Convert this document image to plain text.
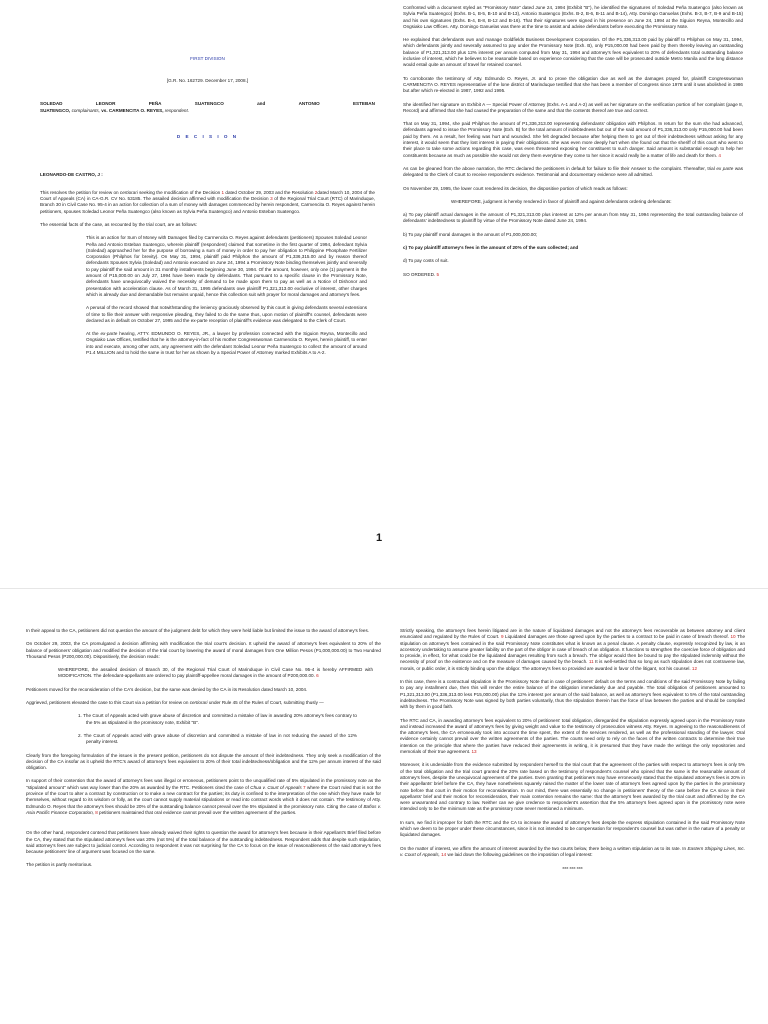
FIRST DIVISION

[G.R. No. 162729. December 17, 2008.]

SOLEDAD	LEONOR	PEÑA	SUATENGCO	and	ANTONIO	ESTEBAN

SUATENGCO, complainants, vs. CARMENCITA O. REYES, respondent.

D E C I S I O N

LEONARDO-DE CASTRO, J :

This resolves the petition for review on certiorari seeking the modification of the Decision 1 dated October 29, 2003 and the Resolution 2dated March 10, 2004 of the Court of Appeals (CA) in CA-G.R. CV No. 53185. The assailed decision affirmed with modification the Decision 3 of the Regional Trial Court (RTC) of Marinduque, Branch 30 in Civil Case No. 95-4 in an action for collection of a sum of money with damages commenced by herein respondent, Carmencita O. Reyes against herein petitioners, spouses Soledad Leonor Peña Suatengco (also known as Sylvia Peña Suatengco) and Antonio Esteban Suatengco.

The essential facts of the case, as recounted by the trial court, are as follows:

This is an action for Sum of Money with Damages filed by Carmencita O. Reyes against defendants (petitioners) Spouses Soledad Leonor Peña and Antonio Esteban Suatengco, wherein plaintiff (respondent) claimed that sometime in the first quarter of 1994, defendant Sylvia (Soledad) approached her for the purpose of borrowing a sum of money in order to pay her obligation to Philippine Phosphate Fertilizer Corporation (Philphos for brevity). On May 31, 1994, plaintiff paid Philphos the amount of P1,336,315.00 and by reason thereof defendants Spouses Sylvia (Soledad) and Antonio executed on June 24, 1994 a Promissory Note binding themselves jointly and severally to pay plaintiff the said amount in 31 monthly installments beginning June 30, 1994. Of the amount, however, only one (1) payment in the amount of P15,000.00 on July 27, 1994 have been made by defendants. That pursuant to a specific clause in the Promissory Note, defendants have unequivocally waived the necessity of demand to be made upon them to pay as well as a Notice of Dishonor and presentation with acceleration clause. As of March 31, 1995 defendants owe plaintiff P1,321,313.00 exclusive of interest, other charges which is already due and demandable but remains unpaid, hence this collection suit with prayer for moral damages and attorney's fees.

A perusal of the record showed that notwithstanding the leniency graciously observed by this court in giving defendants several extensions of time to file their answer with responsive pleading, they failed to do the same thus, upon motion of plaintiff's counsel, defendants were declared as in default on October 27, 1995 and the ex-parte reception of plaintiff's evidence was delegated to the Clerk of Court.

At the ex-parte hearing, ATTY. EDMUNDO O. REYES, JR., a lawyer by profession connected with the Siguion Reyna, Montecillo and Ongsiako Law Offices, testified that he is the attorney-in-fact of his mother Congresswoman Carmencita O. Reyes, herein plaintiff, to enter into and execute, among other acts, any agreement with the defendant Soledad Leonor Peña Suatengco to collect the amount of around P1.4 MILLION and to hold the same in trust for her as shown by a Special Power of Attorney marked Exhibits A to A-2.

Confronted with a document styled as "Promissory Note" dated June 24, 1994 (Exhibit "B"), he identified the signatures of Soledad Peña Suatengco (also known as Sylvia Peña Suatengco) (Exhs. B-1, B-5, B-10 and B-13), Antonio Suatengco (Exhs. B-2, B-6, B-11 and B-14), Atty. Domingo Ganuelas (Exhs. B-3, B-7, B-9 and B-15) and his own signatures (Exhs. B-4, B-8, B-12 and B-16). That their signatures were signed in his presence on June 24, 1994 at the Siguion Reyna, Montecillo and Ongsiako Law Offices. Atty. Domingo Ganuelas was there at the time to assist and advise defendants before executing the Promissory Note.

He explained that defendants own and manage Goldfields Business Development Corporation. Of the P1,336,313.00 paid by plaintiff to Philphos on May 31, 1994, which defendants jointly and severally assumed to pay under the Promissory Note (Exh. B), only P15,000.00 had been paid by them thereby leaving an outstanding balance of P1,321,313.00 plus 12% interest per annum computed from May 31, 1994 and attorney's fees equivalent to 20% of defendants total outstanding balance inclusive of interest, which he believes to be reasonable based on experience considering that the case will be prosecuted outside Metro Manila and the long distance would entail quite an amount of travel for retained counsel.

To corroborate the testimony of Atty. Edmundo O. Reyes, Jr. and to prove the obligation due as well as the damages prayed for, plaintiff Congresswoman CARMENCITA O. REYES representative of the lone district of Marinduque testified that she has been a member of Congress since 1978 until it was abolished in 1986 but after which re-elected in 1987, 1992 and 1995.

She identified her signature on Exhibit A — Special Power of Attorney (Exhs. A-1 and A-2) as well as her signature on the verification portion of her complaint (page 8, Record) and affirmed that she had caused the preparation of the same and that the contents thereof are true and correct.

That on May 31, 1994, she paid Philphos the amount of P1,336,313.00 representing defendants' obligation with Philphos. In return for the sum she had advanced, defendants agreed to issue the Promissory Note (Exh. B) for the total amount of indebtedness but out of the said amount of P1,336,313.00 only P15,000.00 had been paid by them. As a result, her feeling was hurt and wounded. She felt degraded because after helping them to get out of their indebtedness without asking for any interest, it would seem that they lost interest in paying their obligations. She was even more deeply hurt when she found out that the sheriff of this court who went to their place to take some actions regarding this case, was even threatened exposing her constituent to such danger. Said amount is substantial enough to help her constituents because as much as possible she would not deny them everytime they come to her since it would really be a matter of life and death for them. 4

As can be gleaned from the above narration, the RTC declared the petitioners in default for failure to file their Answer to the complaint. Thereafter, trial ex parte was delegated to the Clerk of Court to receive respondent's evidence. Testimonial and documentary evidence were all admitted.

On November 29, 1995, the lower court rendered its decision, the dispositive portion of which reads as follows:

WHEREFORE, judgment is hereby rendered in favor of plaintiff and against defendants ordering defendants:

a) To pay plaintiff actual damages in the amount of P1,321,313.00 plus interest at 12% per annum from May 31, 1994 representing the total outstanding balance of defendants' indebtedness to plaintiff by virtue of the Promissory Note dated June 24, 1994.

b) To pay plaintiff moral damages in the amount of P1,000,000.00;

c) To pay plaintiff attorney's fees in the amount of 20% of the sum collected; and

d) To pay costs of suit.

SO ORDERED. 5

1

In their appeal to the CA, petitioners did not question the amount of the judgment debt for which they were held liable but limited the issue to the award of attorney's fees.

On October 29, 2003, the CA promulgated a decision affirming with modification the trial court's decision. It upheld the award of attorney's fees equivalent to 20% of the balance of petitioners' obligation and modified the decision of the trial court by lowering the award of moral damages from One Million Pesos (P1,000,000.00) to Two Hundred Thousand Pesos (P200,000.00). Dispositively, the decision reads:

WHEREFORE, the assailed decision of Branch 30, of the Regional Trial Court of Marinduque in Civil Case No. 95-4 is hereby AFFIRMED with MODIFICATION. The defendant-appellants are ordered to pay plaintiff-appellee moral damages in the amount of P200,000.00. 6

Petitioners moved for the reconsideration of the CA's decision, but the same was denied by the CA in its Resolution dated March 10, 2004.

Aggrieved, petitioners elevated the case to this Court via a petition for review on certiorari under Rule 45 of the Rules of Court, submitting thusly —

1. The Court of Appeals acted with grave abuse of discretion and committed a mistake of law in awarding 20% attorney's fees contrary to the 5% as stipulated in the promissory note, Exhibit "B".

2. The Court of Appeals acted with grave abuse of discretion and committed a mistake of law in not reducing the award of the 12% penalty interest.

Clearly from the foregoing formulation of the issues in the present petition, petitioners do not dispute the amount of their indebtedness. They only seek a modification of the decision of the CA insofar as it upheld the RTC's award of attorney's fees equivalent to 20% of their total indebtedness/obligation and the 12% per annum interest of the said obligation.

In support of their contention that the award of attorney's fees was illegal or erroneous, petitioners point to the unqualified rate of 5% stipulated in the promissory note as the "stipulated amount" which was way lower than the 20% as awarded by the RTC. Petitioners cited the case of Chua v. Court of Appeals 7 where the Court ruled that is not the province of the court to alter a contract by construction or to make a new contract for the parties; its duty is confined to the interpretation of the one which they have made for themselves, without regard to its wisdom or folly, as the court cannot supply material stipulations or read into contract words which it does not contain. The testimony of Atty. Edmundo O. Reyes that the attorney's fees should be 20% of the outstanding balance cannot prevail over the 5% stipulated in the promissory note. Citing the case of Baños v. Asia Pacific Finance Corporation, 8 petitioners maintained that oral evidence cannot prevail over the written agreement of the parties.

On the other hand, respondent contend that petitioners have already waived their rights to question the award for attorney's fees because in their Appellant's Brief filed before the CA, they stated that the stipulated attorney's fees was 20% (not 5%) of the total balance of the outstanding indebtedness. Respondent adds that despite such stipulation, said attorney's fees are subject to judicial control. According to respondent it was not surprising for the CA to focus on the issue of reasonableness of the said attorney's fees because petitioners' line of argument was focused on the same.

The petition is partly meritorious.

Strictly speaking, the attorney's fees herein litigated are in the nature of liquidated damages and not the attorney's fees recoverable as between attorney and client enunciated and regulated by the Rules of Court. 9 Liquidated damages are those agreed upon by the parties to a contract to be paid in case of breach thereof. 10 The stipulation on attorney's fees contained in the said Promissory Note constitutes what is known as a penal clause. A penalty clause, expressly recognized by law, is an accessory undertaking to assume greater liability on the part of the obligor in case of breach of an obligation. It functions to strengthen the coercive force of obligation and to provide, in effect, for what could be the liquidated damages resulting from such a breach. The obligor would then be bound to pay the stipulated indemnity without the necessity of proof on the existence and on the measure of damages caused by the breach. 11 It is well-settled that so long as such stipulation does not contravene law, morals, or public order, it is strictly binding upon the obligor. The attorney's fees so provided are awarded in favor of the litigant, not his counsel. 12

In this case, there is a contractual stipulation in the Promissory Note that in case of petitioners' default on the terms and conditions of the said Promissory Note by failing to pay any installment due, then this will render the entire balance of the obligation immediately due and payable. The total obligation of petitioners amounted to P1,321,313.00 (P1,336,313.00 less P15,000.00) plus the 12% interest per annum of the said balance, as well as attorney's fees equivalent to 5% of the total outstanding indebtedness. The Promissory Note was signed by both parties voluntarily, thus the stipulation therein has the force of law between the parties and should be complied with by them in good faith.

The RTC and CA, in awarding attorney's fees equivalent to 20% of petitioners' total obligation, disregarded the stipulation expressly agreed upon in the Promissory Note and instead increased the award of attorney's fees by giving weight and value to the testimony of prosecution witness Atty. Reyes. In agreeing to the reasonableness of the attorney's fees, the CA erroneously took into account the time spent, the extent of the services rendered, as well as the professional standing of the lawyer. Oral evidence certainly cannot prevail over the written agreements of the parties. The courts need only to rely on the faces of the written contracts to determine their true intention on the principle that where the parties have reduced their agreements in writing, it is presumed that they have made the writings the only repositories and memorials of their true agreement. 13

Moreover, it is undeniable from the evidence submitted by respondent herself to the trial court that the agreement of the parties with respect to attorney's fees is only 5% of the total obligation and the trial court granted the 20% rate based on the testimony of respondent's counsel who opined that the same is the reasonable amount of attorney's fees, despite the unequivocal agreement of the parties. Even granting that petitioners may have erroneously stated that the stipulated attorney's fees is 20% in their appellants' brief before the CA, they have nonetheless squarely raised the matter of the lower rate of attorney's fees agreed upon by the parties in the promissory note before that court in their motion for reconsideration. In our mind, there was essentially no change in petitioners' theory of the case before the CA since in their appellants' brief and their motion for reconsideration, their main contention remains the same: that the attorney's fees awarded by the trial court and affirmed by the CA were unwarranted and contrary to law. Neither can we give credence to respondent's assertion that the 5% attorney's fees agreed upon in the promissory note were intended only to be the minimum rate as the promissory note never mentioned a minimum.

In sum, we find it improper for both the RTC and the CA to increase the award of attorney's fees despite the express stipulation contained in the said Promissory Note which we deem to be proper under these circumstances, since it is not intended to be compensation for respondent's counsel but was rather in the nature of a penalty or liquidated damages.

On the matter of interest, we affirm the amount of interest awarded by the two courts below, there being a written stipulation as to its rate. In Eastern Shipping Lines, Inc. v. Court of Appeals, 14 we laid down the following guidelines on the imposition of legal interest:

xxx xxx xxx
